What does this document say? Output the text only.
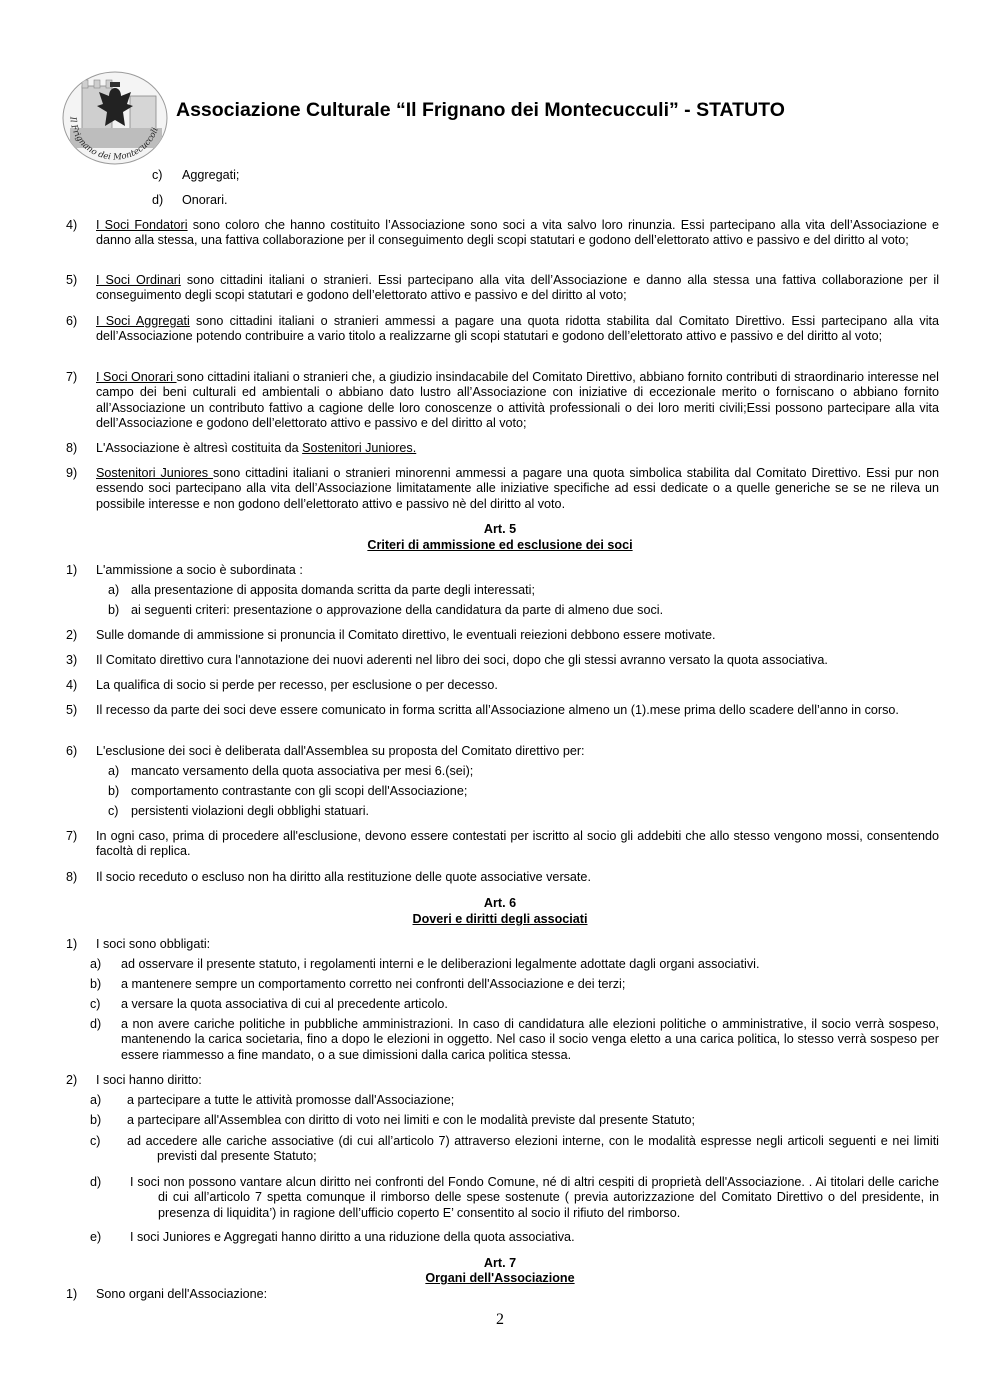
Il Frignano dei Montecuccoli
Associazione Culturale “Il Frignano dei Montecucculi” - STATUTO
c) Aggregati;
d) Onorari.
4) I Soci Fondatori sono coloro che hanno costituito l’Associazione sono soci a vita salvo loro rinunzia. Essi partecipano alla vita dell’Associazione e danno alla stessa, una fattiva collaborazione per il conseguimento degli scopi statutari e godono dell’elettorato attivo e passivo e del diritto al voto;
5) I Soci Ordinari sono cittadini italiani o stranieri. Essi partecipano alla vita dell’Associazione e danno alla stessa una fattiva collaborazione per il conseguimento degli scopi statutari e godono dell’elettorato attivo e passivo e del diritto al voto;
6) I Soci Aggregati sono cittadini italiani o stranieri ammessi a pagare una quota ridotta stabilita dal Comitato Direttivo. Essi partecipano alla vita dell’Associazione potendo contribuire a vario titolo a realizzarne gli scopi statutari e godono dell’elettorato attivo e passivo e del diritto al voto;
7) I Soci Onorari sono cittadini italiani o stranieri che, a giudizio insindacabile del Comitato Direttivo, abbiano fornito contributi di straordinario interesse nel campo dei beni culturali ed ambientali o abbiano dato lustro all’Associazione con iniziative di eccezionale merito o forniscano o abbiano fornito all’Associazione un contributo fattivo a cagione delle loro conoscenze o attività professionali o dei loro meriti civili;Essi possono partecipare alla vita dell’Associazione e godono dell’elettorato attivo e passivo e del diritto al voto;
8) L'Associazione è altresì costituita da Sostenitori Juniores.
9) Sostenitori Juniores sono cittadini italiani o stranieri minorenni ammessi a pagare una quota simbolica stabilita dal Comitato Direttivo. Essi pur non essendo soci partecipano alla vita dell’Associazione limitatamente alle iniziative specifiche ad essi dedicate o a quelle generiche se se ne rileva un possibile interesse e non godono dell’elettorato attivo e passivo nè del diritto al voto.
Art. 5
Criteri di ammissione ed esclusione dei soci
1) L'ammissione a socio è subordinata :
a) alla presentazione di apposita domanda scritta da parte degli interessati;
b) ai seguenti criteri: presentazione o approvazione della candidatura da parte di almeno due soci.
2) Sulle domande di ammissione si pronuncia il Comitato direttivo, le eventuali reiezioni debbono essere motivate.
3) Il Comitato direttivo cura l'annotazione dei nuovi aderenti nel libro dei soci, dopo che gli stessi avranno versato la quota associativa.
4) La qualifica di socio si perde per recesso, per esclusione o per decesso.
5) Il recesso da parte dei soci deve essere comunicato in forma scritta all’Associazione almeno un (1).mese prima dello scadere dell’anno in corso.
6) L'esclusione dei soci è deliberata dall'Assemblea su proposta del Comitato direttivo per:
a) mancato versamento della quota associativa per mesi 6.(sei);
b) comportamento contrastante con gli scopi dell'Associazione;
c) persistenti violazioni degli obblighi statuari.
7) In ogni caso, prima di procedere all'esclusione, devono essere contestati per iscritto al socio gli addebiti che allo stesso vengono mossi, consentendo facoltà di replica.
8) Il socio receduto o escluso non ha diritto alla restituzione delle quote associative versate.
Art. 6
Doveri e diritti degli associati
1) I soci sono obbligati:
a) ad osservare il presente statuto, i regolamenti interni e le deliberazioni legalmente adottate dagli organi associativi.
b) a mantenere sempre un comportamento corretto nei confronti dell'Associazione e dei terzi;
c) a versare la quota associativa di cui al precedente articolo.
d) a non avere cariche politiche in pubbliche amministrazioni. In caso di candidatura alle elezioni politiche o amministrative, il socio verrà sospeso, mantenendo la carica societaria, fino a dopo le elezioni in oggetto. Nel caso il socio venga eletto a una carica politica, lo stesso verrà sospeso per essere riammesso a fine mandato, o a sue dimissioni dalla carica politica stessa.
2) I soci hanno diritto:
a) a partecipare a tutte le attività promosse dall'Associazione;
b) a partecipare all'Assemblea con diritto di voto nei limiti e con le modalità previste dal presente Statuto;
c) ad accedere alle cariche associative (di cui all’articolo 7) attraverso elezioni interne, con le modalità espresse negli articoli seguenti e nei limiti previsti dal presente Statuto;
d) I soci non possono vantare alcun diritto nei confronti del Fondo Comune, né di altri cespiti di proprietà dell'Associazione. . Ai titolari delle cariche di cui all’articolo 7 spetta comunque il rimborso delle spese sostenute ( previa autorizzazione del Comitato Direttivo o del presidente, in presenza di liquidita’) in ragione dell’ufficio coperto E’ consentito al socio il rifiuto del rimborso.
e) I soci Juniores e Aggregati hanno diritto a una riduzione della quota associativa.
Art. 7
Organi dell'Associazione
1) Sono organi dell'Associazione:
2
